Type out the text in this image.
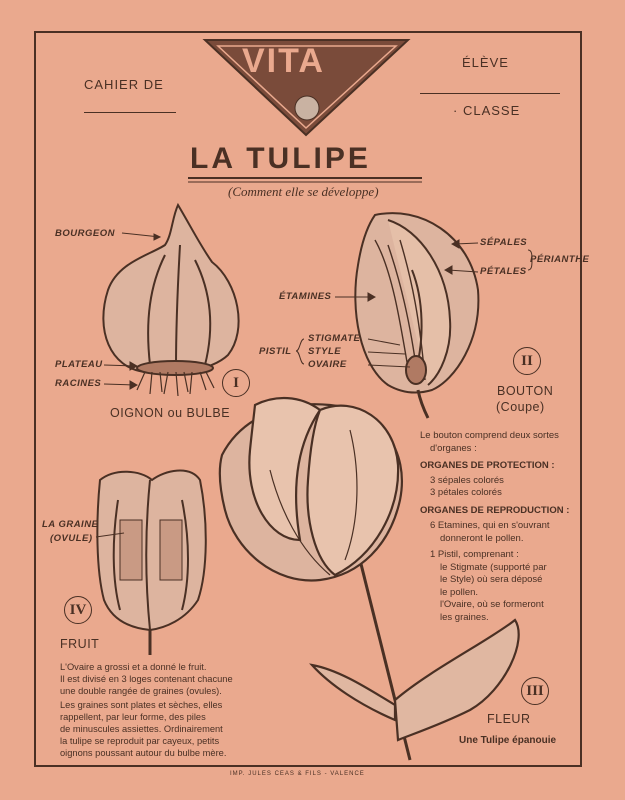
CAHIER DE
ÉLÈVE
· CLASSE
VITA
LA TULIPE
(Comment elle se développe)
BOURGEON
PLATEAU
RACINES	I
OIGNON ou BULBE
SÉPALES
PÉRIANTHE
PÉTALES
ÉTAMINES
PISTIL
STIGMATE
STYLE
OVAIRE	II
BOUTON
(Coupe)
Le bouton comprend deux sortes
d'organes :
ORGANES DE PROTECTION :
3 sépales colorés
3 pétales colorés
ORGANES DE REPRODUCTION :
6 Etamines, qui en s'ouvrant
donneront le pollen.
1 Pistil, comprenant :
le Stigmate (supporté par
le Style) où sera déposé
le pollen.
l'Ovaire, où se formeront
les graines.
LA GRAINE
(OVULE)
IV
FRUIT
L'Ovaire a grossi et a donné le fruit.
Il est divisé en 3 loges contenant chacune
une double rangée de graines (ovules).
Les graines sont plates et sèches, elles
rappellent, par leur forme, des piles
de minuscules assiettes. Ordinairement
la tulipe se reproduit par cayeux, petits
oignons poussant autour du bulbe mère.
III
FLEUR
Une Tulipe épanouie
IMP. JULES CEAS & FILS - VALENCE
